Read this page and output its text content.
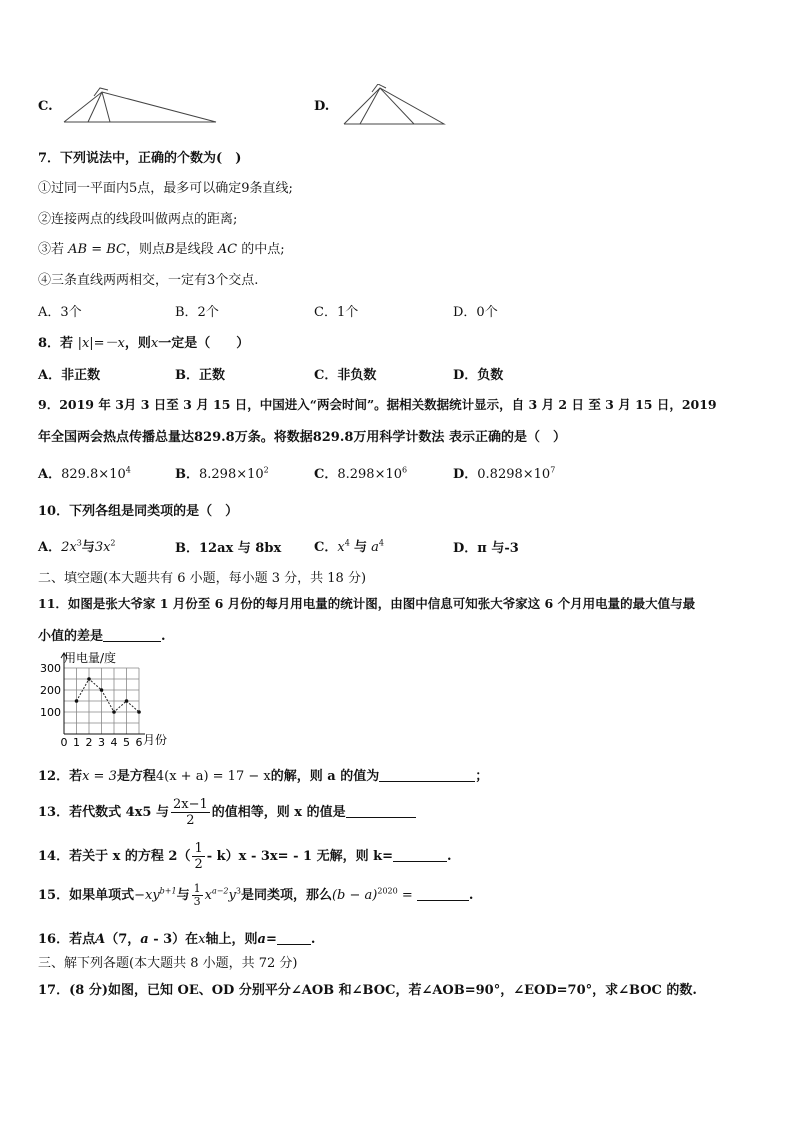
C.	D.
7．下列说法中，正确的个数为(　)
①过同一平面内5点，最多可以确定9条直线;
②连接两点的线段叫做两点的距离;
③若 AB = BC，则点B是线段 AC 的中点;
④三条直线两两相交，一定有3个交点.
A．3个	B．2个	C．1个	D．0个
8．若 |x|=－x，则x一定是（　　）
A．非正数	B．正数	C．非负数	D．负数
9．2019 年 3月 3 日至 3 月 15 日，中国进入“两会时间”。据相关数据统计显示，自 3 月 2 日 至 3 月 15 日，2019
年全国两会热点传播总量达829.8万条。将数据829.8万用科学计数法 表示正确的是（　）
A．$829.8\times 10^4$	B．$8.298\times 10^2$	C．$8.298\times 10^6$	D．$0.8298\times 10^7$
10．下列各组是同类项的是（　）
A．$2x^3$与$3x^2$	B．12ax 与 8bx	C．$x^4$ 与 $a^4$	D．π 与-3
二、填空题(本大题共有 6 小题，每小题 3 分，共 18 分)
11．如图是张大爷家 1 月份至 6 月份的每月用电量的统计图，由图中信息可知张大爷家这 6 个月用电量的最大值与最
小值的差是	.
0 1 2 3 4 5 6
100
200
300
用电量/度
月份
12．若x = 3是方程4(x + a) = 17 − x的解，则 a 的值为	；
13．若代数式 4x5 与 $\frac{2x-1}{2}$ 的值相等，则 x 的值是
14．若关于 x 的方程 $2( \frac{1}{2} - k)x - 3x= - 1$ 无解，则 k=	.
15．如果单项式$-xy^{b+1}$与 $\frac{1}{3} x^{a-2}y^3$是同类项，那么$(b - a)^{2020}$ =	.
16．若点A（7，a - 3）在x轴上，则a=	.
三、解下列各题(本大题共 8 小题，共 72 分)
17．(8 分)如图，已知 OE、OD 分别平分∠AOB 和∠BOC，若∠AOB=90°，∠EOD=70°，求∠BOC 的数.
